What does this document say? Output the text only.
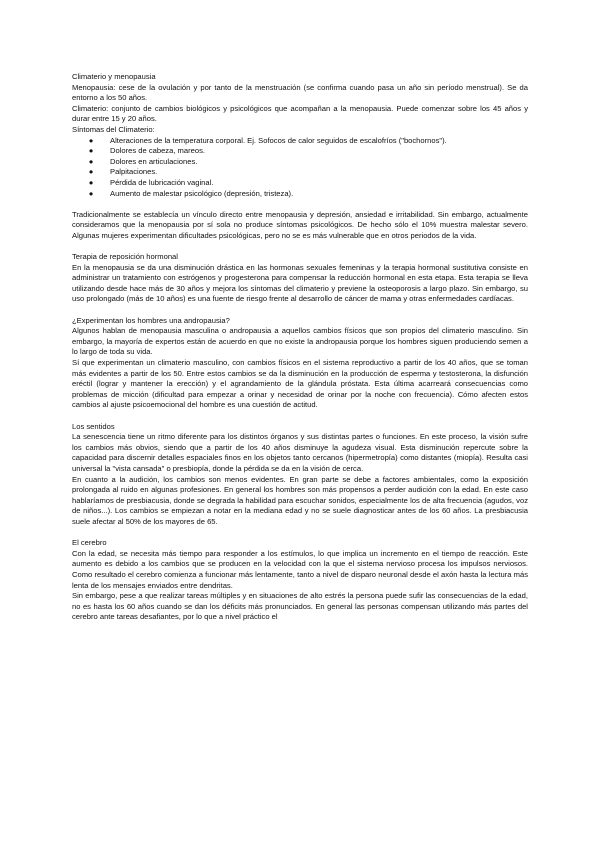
Climaterio y menopausia

Menopausia: cese de la ovulación y por tanto de la menstruación (se confirma cuando pasa un año sin período menstrual). Se da entorno a los 50 años.

Climaterio: conjunto de cambios biológicos y psicológicos que acompañan a la menopausia. Puede comenzar sobre los 45 años y durar entre 15 y 20 años.

Síntomas del Climaterio:

● Alteraciones de la temperatura corporal. Ej. Sofocos de calor seguidos de escalofríos ("bochornos").
● Dolores de cabeza, mareos.
● Dolores en articulaciones.
● Palpitaciones.
● Pérdida de lubricación vaginal.
● Aumento de malestar psicológico (depresión, tristeza).

Tradicionalmente se establecía un vínculo directo entre menopausia y depresión, ansiedad e irritabilidad. Sin embargo, actualmente consideramos que la menopausia por sí sola no produce síntomas psicológicos. De hecho sólo el 10% muestra malestar severo. Algunas mujeres experimentan dificultades psicológicas, pero no se es más vulnerable que en otros periodos de la vida.

Terapia de reposición hormonal

En la menopausia se da una disminución drástica en las hormonas sexuales femeninas y la terapia hormonal sustitutiva consiste en administrar un tratamiento con estrógenos y progesterona para compensar la reducción hormonal en esta etapa. Esta terapia se lleva utilizando desde hace más de 30 años y mejora los síntomas del climaterio y previene la osteoporosis a largo plazo. Sin embargo, su uso prolongado (más de 10 años) es una fuente de riesgo frente al desarrollo de cáncer de mama y otras enfermedades cardíacas.

¿Experimentan los hombres una andropausia?

Algunos hablan de menopausia masculina o andropausia a aquellos cambios físicos que son propios del climaterio masculino. Sin embargo, la mayoría de expertos están de acuerdo en que no existe la andropausia porque los hombres siguen produciendo semen a lo largo de toda su vida.

Sí que experimentan un climaterio masculino, con cambios físicos en el sistema reproductivo a partir de los 40 años, que se toman más evidentes a partir de los 50. Entre estos cambios se da la disminución en la producción de esperma y testosterona, la disfunción eréctil (lograr y mantener la erección) y el agrandamiento de la glándula próstata. Esta última acarreará consecuencias como problemas de micción (dificultad para empezar a orinar y necesidad de orinar por la noche con frecuencia). Cómo afecten estos cambios al ajuste psicoemocional del hombre es una cuestión de actitud.

Los sentidos

La senescencia tiene un ritmo diferente para los distintos órganos y sus distintas partes o funciones. En este proceso, la visión sufre los cambios más obvios, siendo que a partir de los 40 años disminuye la agudeza visual. Esta disminución repercute sobre la capacidad para discernir detalles espaciales finos en los objetos tanto cercanos (hipermetropía) como distantes (miopía). Resulta casi universal la "vista cansada" o presbiopía, donde la pérdida se da en la visión de cerca.

En cuanto a la audición, los cambios son menos evidentes. En gran parte se debe a factores ambientales, como la exposición prolongada al ruido en algunas profesiones. En general los hombres son más propensos a perder audición con la edad. En este caso hablaríamos de presbiacusia, donde se degrada la habilidad para escuchar sonidos, especialmente los de alta frecuencia (agudos, voz de niños...). Los cambios se empiezan a notar en la mediana edad y no se suele diagnosticar antes de los 60 años. La presbiacusia suele afectar al 50% de los mayores de 65.

El cerebro

Con la edad, se necesita más tiempo para responder a los estímulos, lo que implica un incremento en el tiempo de reacción. Este aumento es debido a los cambios que se producen en la velocidad con la que el sistema nervioso procesa los impulsos nerviosos. Como resultado el cerebro comienza a funcionar más lentamente, tanto a nivel de disparo neuronal desde el axón hasta la lectura más lenta de los mensajes enviados entre dendritas.

Sin embargo, pese a que realizar tareas múltiples y en situaciones de alto estrés la persona puede sufir las consecuencias de la edad, no es hasta los 60 años cuando se dan los déficits más pronunciados. En general las personas compensan utilizando más partes del cerebro ante tareas desafiantes, por lo que a nivel práctico el
